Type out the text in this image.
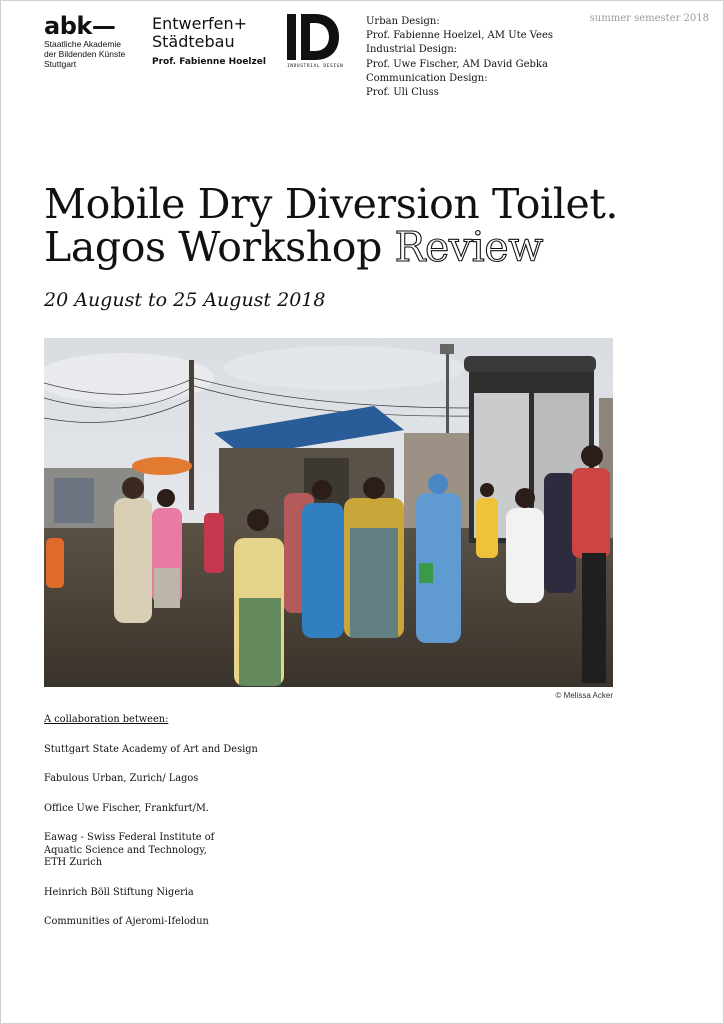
abk—
Staatliche Akademie
der Bildenden Künste
Stuttgart
Entwerfen+
Städtebau
Prof. Fabienne Hoelzel	INDUSTRIAL DESIGN
Urban Design:
Prof. Fabienne Hoelzel, AM Ute Vees
Industrial Design:
Prof. Uwe Fischer, AM David Gebka
Communication Design:
Prof. Uli Cluss
summer semester 2018
Mobile Dry Diversion Toilet.
Lagos Workshop Review
20 August to 25 August 2018
© Melissa Acker
A collaboration between:
Stuttgart State Academy of Art and Design
Fabulous Urban, Zurich/ Lagos
Office Uwe Fischer, Frankfurt/M.
Eawag - Swiss Federal Institute of
Aquatic Science and Technology,
ETH Zurich
Heinrich Böll Stiftung Nigeria
Communities of Ajeromi-Ifelodun
